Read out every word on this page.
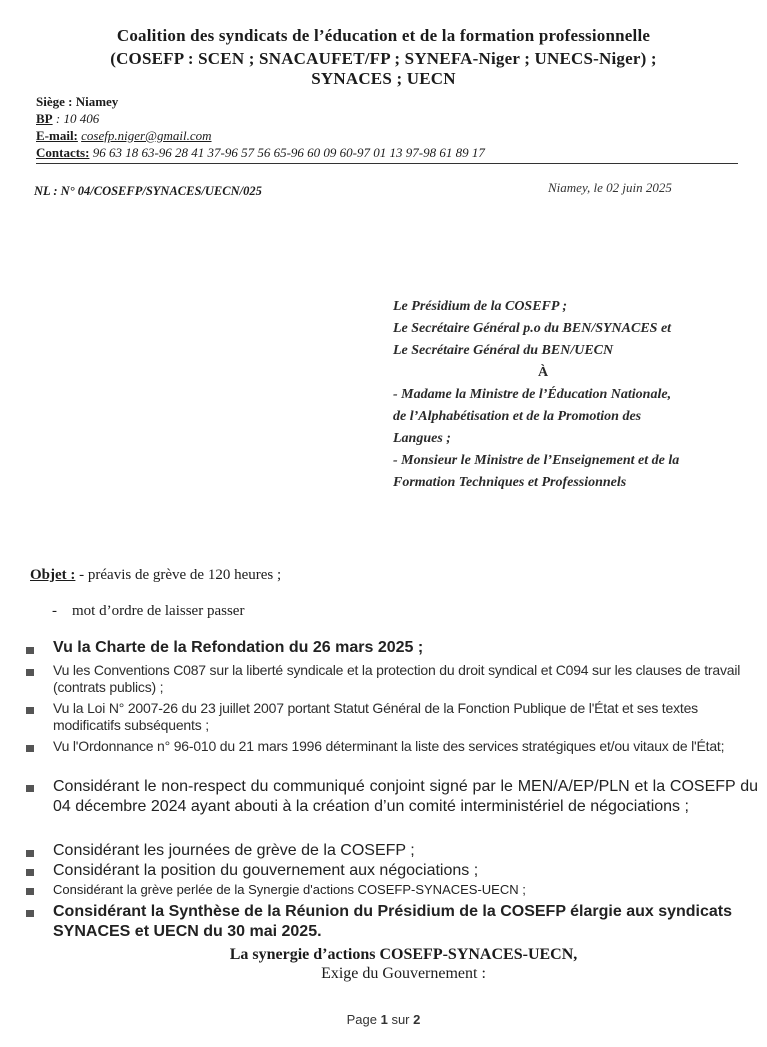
Coalition des syndicats de l’éducation et de la formation professionnelle
(COSEFP : SCEN ; SNACAUFET/FP ; SYNEFA-Niger ; UNECS-Niger) ;
SYNACES ; UECN
Siège : Niamey
BP : 10 406
E-mail: cosefp.niger@gmail.com
Contacts: 96 63 18 63-96 28 41 37-96 57 56 65-96 60 09 60-97 01 13 97-98 61 89 17
NL : N° 04/COSEFP/SYNACES/UECN/025	Niamey, le 02 juin 2025
Le Présidium de la COSEFP ;
Le Secrétaire Général p.o du BEN/SYNACES et
Le Secrétaire Général du BEN/UECN
À
- Madame la Ministre de l’Éducation Nationale,
de l’Alphabétisation et de la Promotion des
Langues ;
- Monsieur le Ministre de l’Enseignement et de la
Formation Techniques et Professionnels
Objet : - préavis de grève de 120 heures ;
- mot d’ordre de laisser passer
Vu la Charte de la Refondation du 26 mars 2025 ;
Vu les Conventions C087 sur la liberté syndicale et la protection du droit syndical et C094 sur les clauses de travail (contrats publics) ;
Vu la Loi N° 2007-26 du 23 juillet 2007 portant Statut Général de la Fonction Publique de l'État et ses textes modificatifs subséquents ;
Vu l'Ordonnance n° 96-010 du 21 mars 1996 déterminant la liste des services stratégiques et/ou vitaux de l'État;
Considérant le non-respect du communiqué conjoint signé par le MEN/A/EP/PLN et la COSEFP du 04 décembre 2024 ayant abouti à la création d’un comité interministériel de négociations ;
Considérant les journées de grève de la COSEFP ;
Considérant la position du gouvernement aux négociations ;
Considérant la grève perlée de la Synergie d'actions COSEFP-SYNACES-UECN ;
Considérant la Synthèse de la Réunion du Présidium de la COSEFP élargie aux syndicats SYNACES et UECN du 30 mai 2025.
La synergie d’actions COSEFP-SYNACES-UECN,
Exige du Gouvernement :
Page 1 sur 2
